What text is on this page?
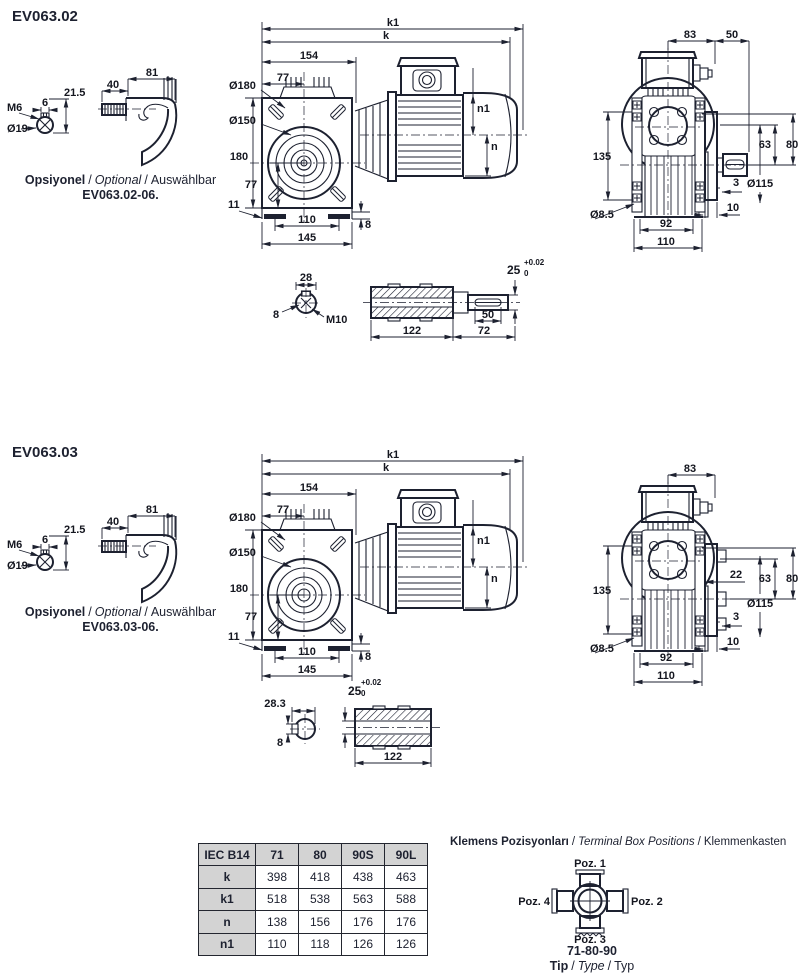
EV063.02
21.5
M6 6
Ø19
81
40
Opsiyonel / Optional / Auswählbar
EV063.02-06.
k1
k
154
77
Ø180
Ø150
180
77
11
110
145
8
n1
n
83	50
135
63 80
3 Ø115
10
Ø8.5
92
110
28
8	M10
25
+0.02
0
50
122	72
EV063.03
21.5
M6 6
Ø19
81
40
Opsiyonel / Optional / Auswählbar
EV063.03-06.
k1
k
154
77
Ø180
Ø150
180
77
11
110
145
8
n1
n
83
22
135
63 80
3
Ø115
10
Ø8.5
92
110
28.3
8
25
+0.02
0
122
IEC B14	71	80	90S	90L
k	398	418	438	463
k1	518	538	563	588
n	138	156	176	176
n1	110	118	126	126
Klemens Pozisyonları / Terminal Box Positions / Klemmenkasten
Poz. 1
Poz. 2
Poz. 3
Poz. 4
71-80-90
Tip / Type / Typ
